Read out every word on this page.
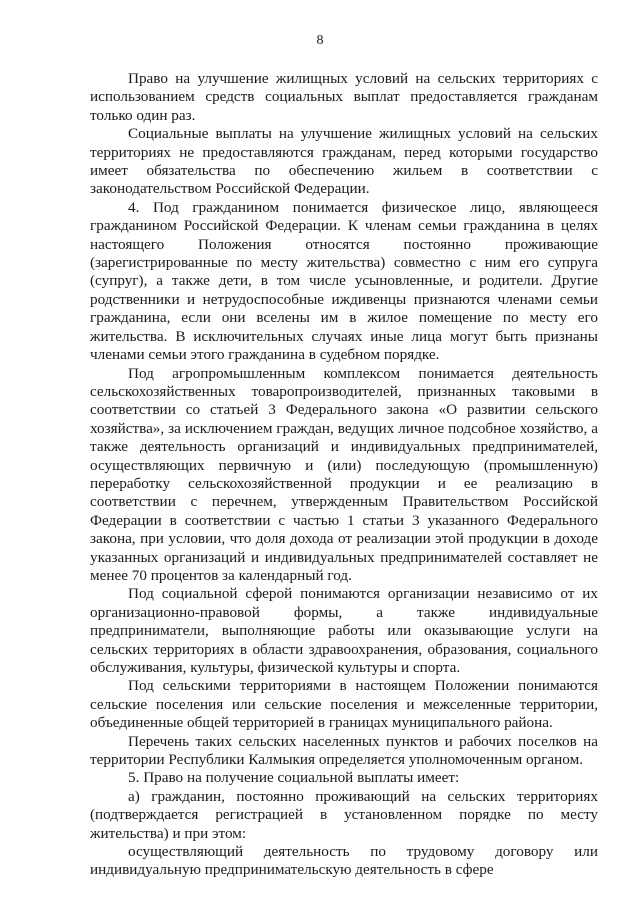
8

Право на улучшение жилищных условий на сельских территориях с использованием средств социальных выплат предоставляется гражданам только один раз.

Социальные выплаты на улучшение жилищных условий на сельских территориях не предоставляются гражданам, перед которыми государство имеет обязательства по обеспечению жильем в соответствии с законодательством Российской Федерации.

4. Под гражданином понимается физическое лицо, являющееся гражданином Российской Федерации. К членам семьи гражданина в целях настоящего Положения относятся постоянно проживающие (зарегистрированные по месту жительства) совместно с ним его супруга (супруг), а также дети, в том числе усыновленные, и родители. Другие родственники и нетрудоспособные иждивенцы признаются членами семьи гражданина, если они вселены им в жилое помещение по месту его жительства. В исключительных случаях иные лица могут быть признаны членами семьи этого гражданина в судебном порядке.

Под агропромышленным комплексом понимается деятельность сельскохозяйственных товаропроизводителей, признанных таковыми в соответствии со статьей 3 Федерального закона «О развитии сельского хозяйства», за исключением граждан, ведущих личное подсобное хозяйство, а также деятельность организаций и индивидуальных предпринимателей, осуществляющих первичную и (или) последующую (промышленную) переработку сельскохозяйственной продукции и ее реализацию в соответствии с перечнем, утвержденным Правительством Российской Федерации в соответствии с частью 1 статьи 3 указанного Федерального закона, при условии, что доля дохода от реализации этой продукции в доходе указанных организаций и индивидуальных предпринимателей составляет не менее 70 процентов за календарный год.

Под социальной сферой понимаются организации независимо от их организационно-правовой формы, а также индивидуальные предприниматели, выполняющие работы или оказывающие услуги на сельских территориях в области здравоохранения, образования, социального обслуживания, культуры, физической культуры и спорта.

Под сельскими территориями в настоящем Положении понимаются сельские поселения или сельские поселения и межселенные территории, объединенные общей территорией в границах муниципального района.

Перечень таких сельских населенных пунктов и рабочих поселков на территории Республики Калмыкия определяется уполномоченным органом.

5. Право на получение социальной выплаты имеет:

а) гражданин, постоянно проживающий на сельских территориях (подтверждается регистрацией в установленном порядке по месту жительства) и при этом:

осуществляющий деятельность по трудовому договору или индивидуальную предпринимательскую деятельность в сфере
